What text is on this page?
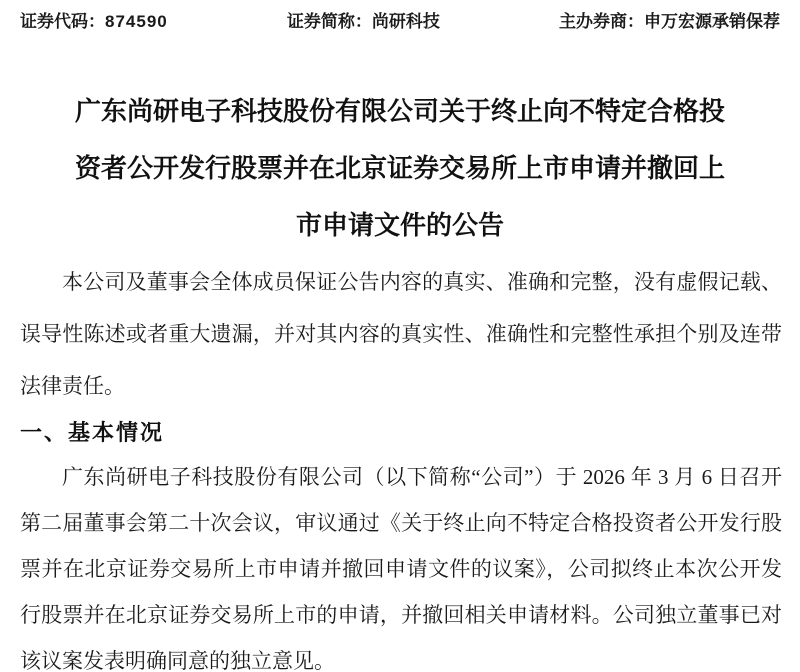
证券代码：874590	证券简称：尚研科技	主办券商：申万宏源承销保荐
广东尚研电子科技股份有限公司关于终止向不特定合格投
资者公开发行股票并在北京证券交易所上市申请并撤回上
市申请文件的公告

本公司及董事会全体成员保证公告内容的真实、准确和完整，没有虚假记载、误导性陈述或者重大遗漏，并对其内容的真实性、准确性和完整性承担个别及连带法律责任。

一、基本情况

广东尚研电子科技股份有限公司（以下简称“公司”）于 2026 年 3 月 6 日召开第二届董事会第二十次会议，审议通过《关于终止向不特定合格投资者公开发行股票并在北京证券交易所上市申请并撤回申请文件的议案》，公司拟终止本次公开发行股票并在北京证券交易所上市的申请，并撤回相关申请材料。公司独立董事已对该议案发表明确同意的独立意见。
